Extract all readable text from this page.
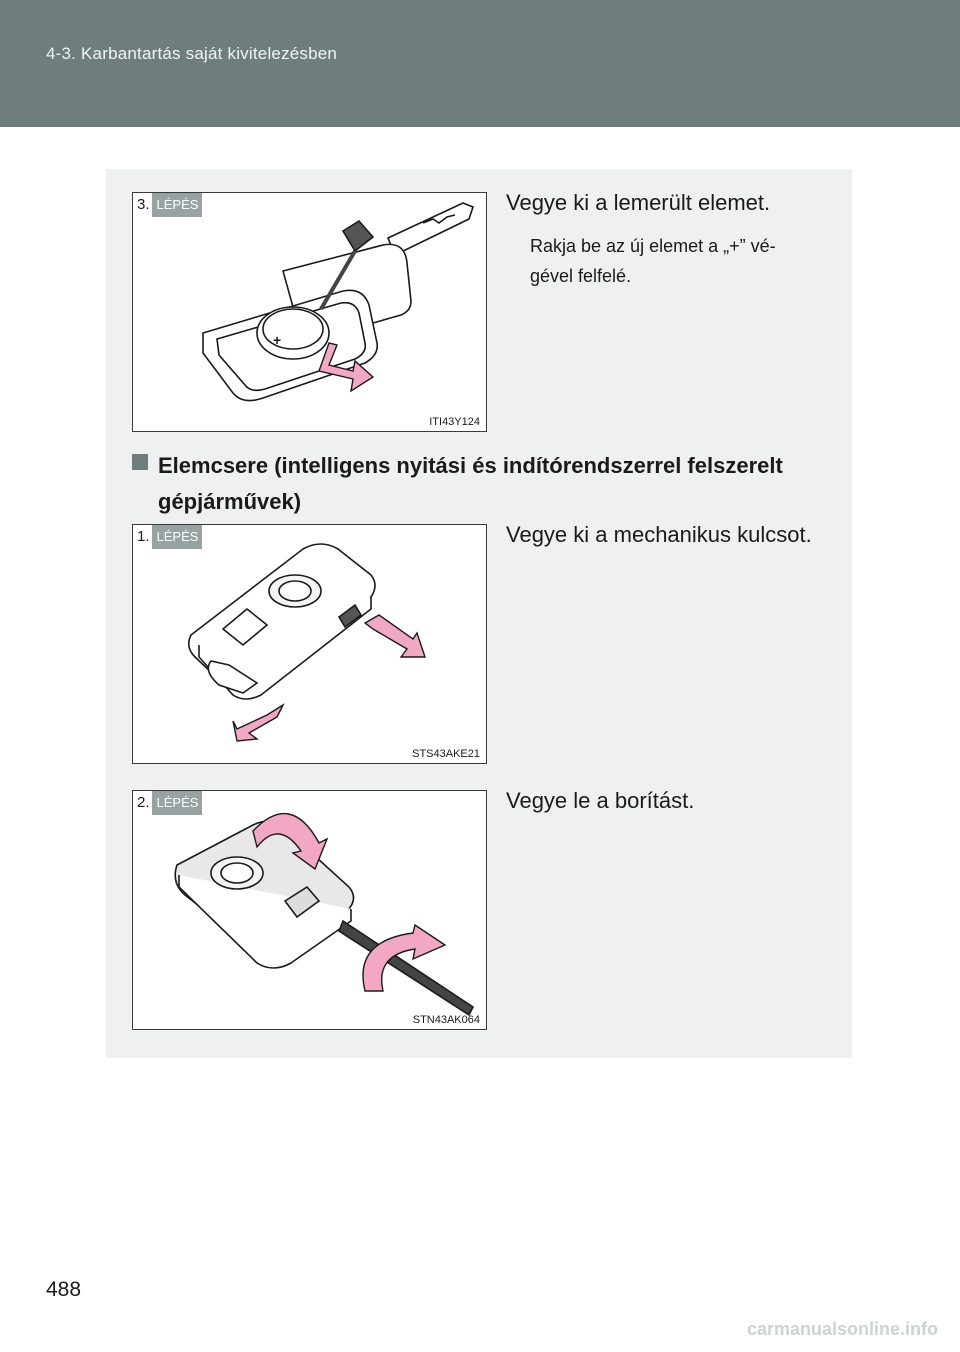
4-3. Karbantartás saját kivitelezésben
+
3. LÉPÉS
ITI43Y124
Vegye ki a lemerült elemet.
Rakja be az új elemet a „+” vé-
gével felfelé.
Elemcsere (intelligens nyitási és indítórendszerrel felszerelt
gépjárművek)
1. LÉPÉS
STS43AKE21
Vegye ki a mechanikus kulcsot.
2. LÉPÉS
STN43AK064
Vegye le a borítást.
488
carmanualsonline.info
